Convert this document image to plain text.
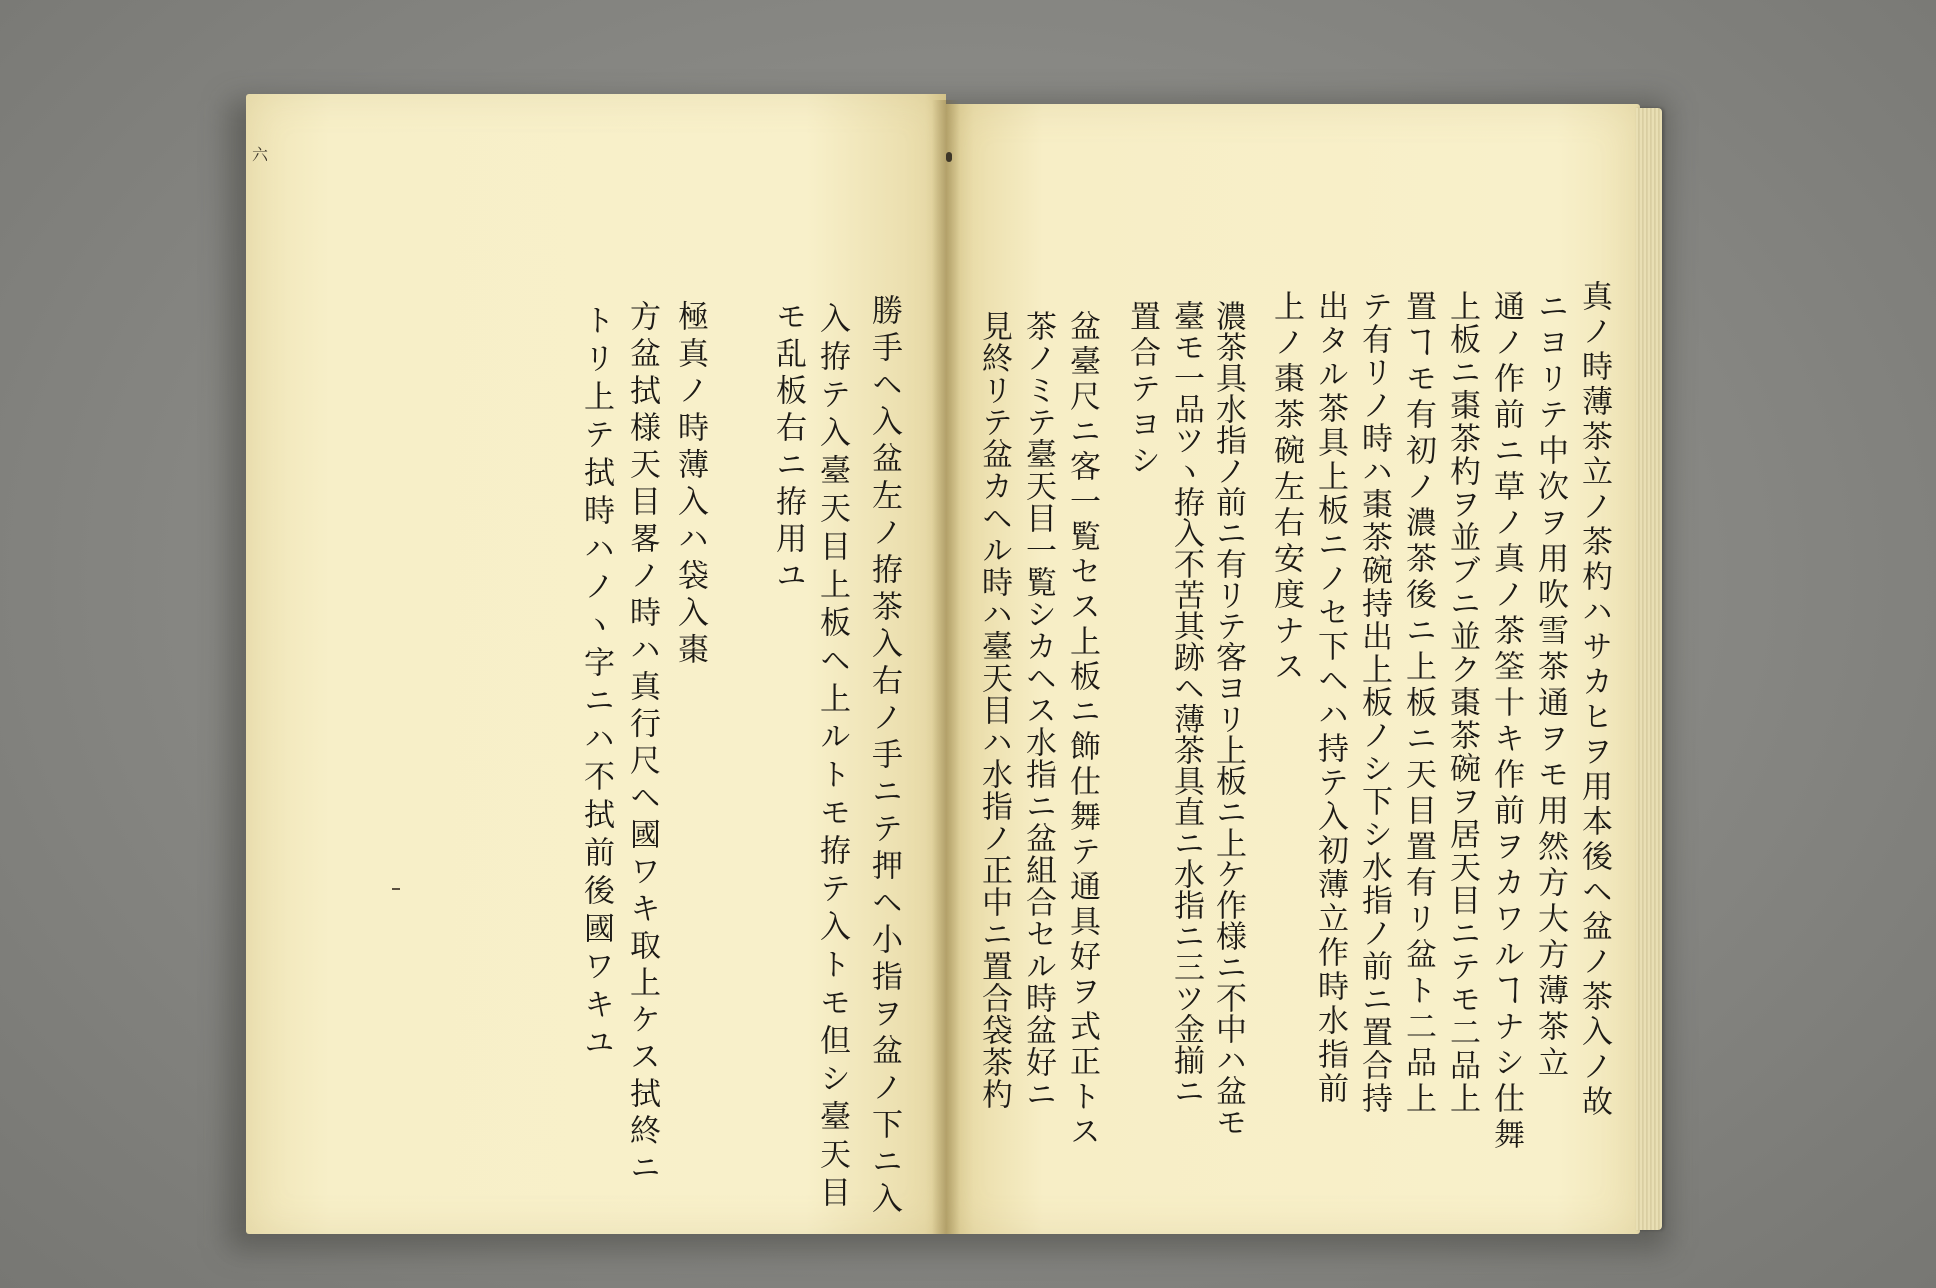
六
勝手ヘ入盆左ノ拵茶入右ノ手ニテ押ヘ小指ヲ盆ノ下ニ入
入拵テ入臺天目上板ヘ上ルトモ拵テ入トモ但シ臺天目
モ乱板右ニ拵用ユ
極真ノ時薄入ハ袋入棗
方盆拭様天目畧ノ時ハ真行尺ヘ國ワキ取上ケス拭終ニ
トリ上テ拭時ハノヽ字ニハ不拭前後國ワキユ	真ノ時薄茶立ノ茶杓ハサカヒヲ用本後ヘ盆ノ茶入ノ故
ニヨリテ中次ヲ用吹雪茶通ヲモ用然方大方薄茶立
通ノ作前ニ草ノ真ノ茶筌十キ作前ヲカワルヿナシ仕舞
上板ニ棗茶杓ヲ並ブニ並ク棗茶碗ヲ居天目ニテモ二品上
置ヿモ有初ノ濃茶後ニ上板ニ天目置有リ盆ト二品上
テ有リノ時ハ棗茶碗持出上板ノシ下シ水指ノ前ニ置合持
出タル茶具上板ニノセ下ヘハ持テ入初薄立作時水指前
上ノ棗茶碗左右安度ナス
濃茶具水指ノ前ニ有リテ客ヨリ上板ニ上ケ作様ニ不中ハ盆モ
臺モ一品ツヽ拵入不苦其跡ヘ薄茶具直ニ水指ニ三ツ金揃ニ
置合テヨシ
盆臺尺ニ客一覧セス上板ニ飾仕舞テ通具好ヲ式正トス
茶ノミテ臺天目一覧シカヘス水指ニ盆組合セル時盆好ニ
見終リテ盆カヘル時ハ臺天目ハ水指ノ正中ニ置合袋茶杓
